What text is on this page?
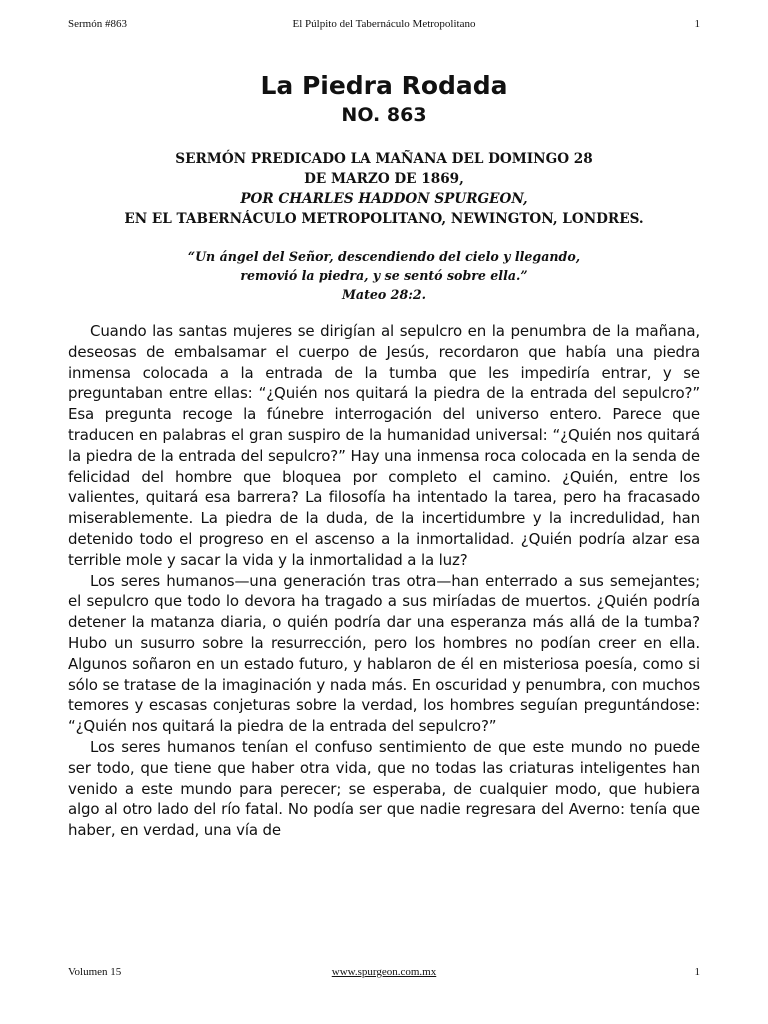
Sermón #863	El Púlpito del Tabernáculo Metropolitano	1
La Piedra Rodada
NO. 863
SERMÓN PREDICADO LA MAÑANA DEL DOMINGO 28
DE MARZO DE 1869,
POR CHARLES HADDON SPURGEON,
EN EL TABERNÁCULO METROPOLITANO, NEWINGTON, LONDRES.
“Un ángel del Señor, descendiendo del cielo y llegando,
removió la piedra, y se sentó sobre ella.”
Mateo 28:2.

Cuando las santas mujeres se dirigían al sepulcro en la penumbra de la mañana, deseosas de embalsamar el cuerpo de Jesús, recordaron que había una piedra inmensa colocada a la entrada de la tumba que les impediría entrar, y se preguntaban entre ellas: “¿Quién nos quitará la piedra de la entrada del sepulcro?” Esa pregunta recoge la fúnebre interrogación del universo entero. Parece que traducen en palabras el gran suspiro de la humanidad universal: “¿Quién nos quitará la piedra de la entrada del sepulcro?” Hay una inmensa roca colocada en la senda de felicidad del hombre que bloquea por completo el camino. ¿Quién, entre los valientes, quitará esa barrera? La filosofía ha intentado la tarea, pero ha fracasado miserablemente. La piedra de la duda, de la incertidumbre y la incredulidad, han detenido todo el progreso en el ascenso a la inmortalidad. ¿Quién podría alzar esa terrible mole y sacar la vida y la inmortalidad a la luz?

Los seres humanos—una generación tras otra—han enterrado a sus semejantes; el sepulcro que todo lo devora ha tragado a sus miríadas de muertos. ¿Quién podría detener la matanza diaria, o quién podría dar una esperanza más allá de la tumba? Hubo un susurro sobre la resurrección, pero los hombres no podían creer en ella. Algunos soñaron en un estado futuro, y hablaron de él en misteriosa poesía, como si sólo se tratase de la imaginación y nada más. En oscuridad y penumbra, con muchos temores y escasas conjeturas sobre la verdad, los hombres seguían preguntándose: “¿Quién nos quitará la piedra de la entrada del sepulcro?”

Los seres humanos tenían el confuso sentimiento de que este mundo no puede ser todo, que tiene que haber otra vida, que no todas las criaturas inteligentes han venido a este mundo para perecer; se esperaba, de cualquier modo, que hubiera algo al otro lado del río fatal. No podía ser que nadie regresara del Averno: tenía que haber, en verdad, una vía de

Volumen 15	www.spurgeon.com.mx	1
